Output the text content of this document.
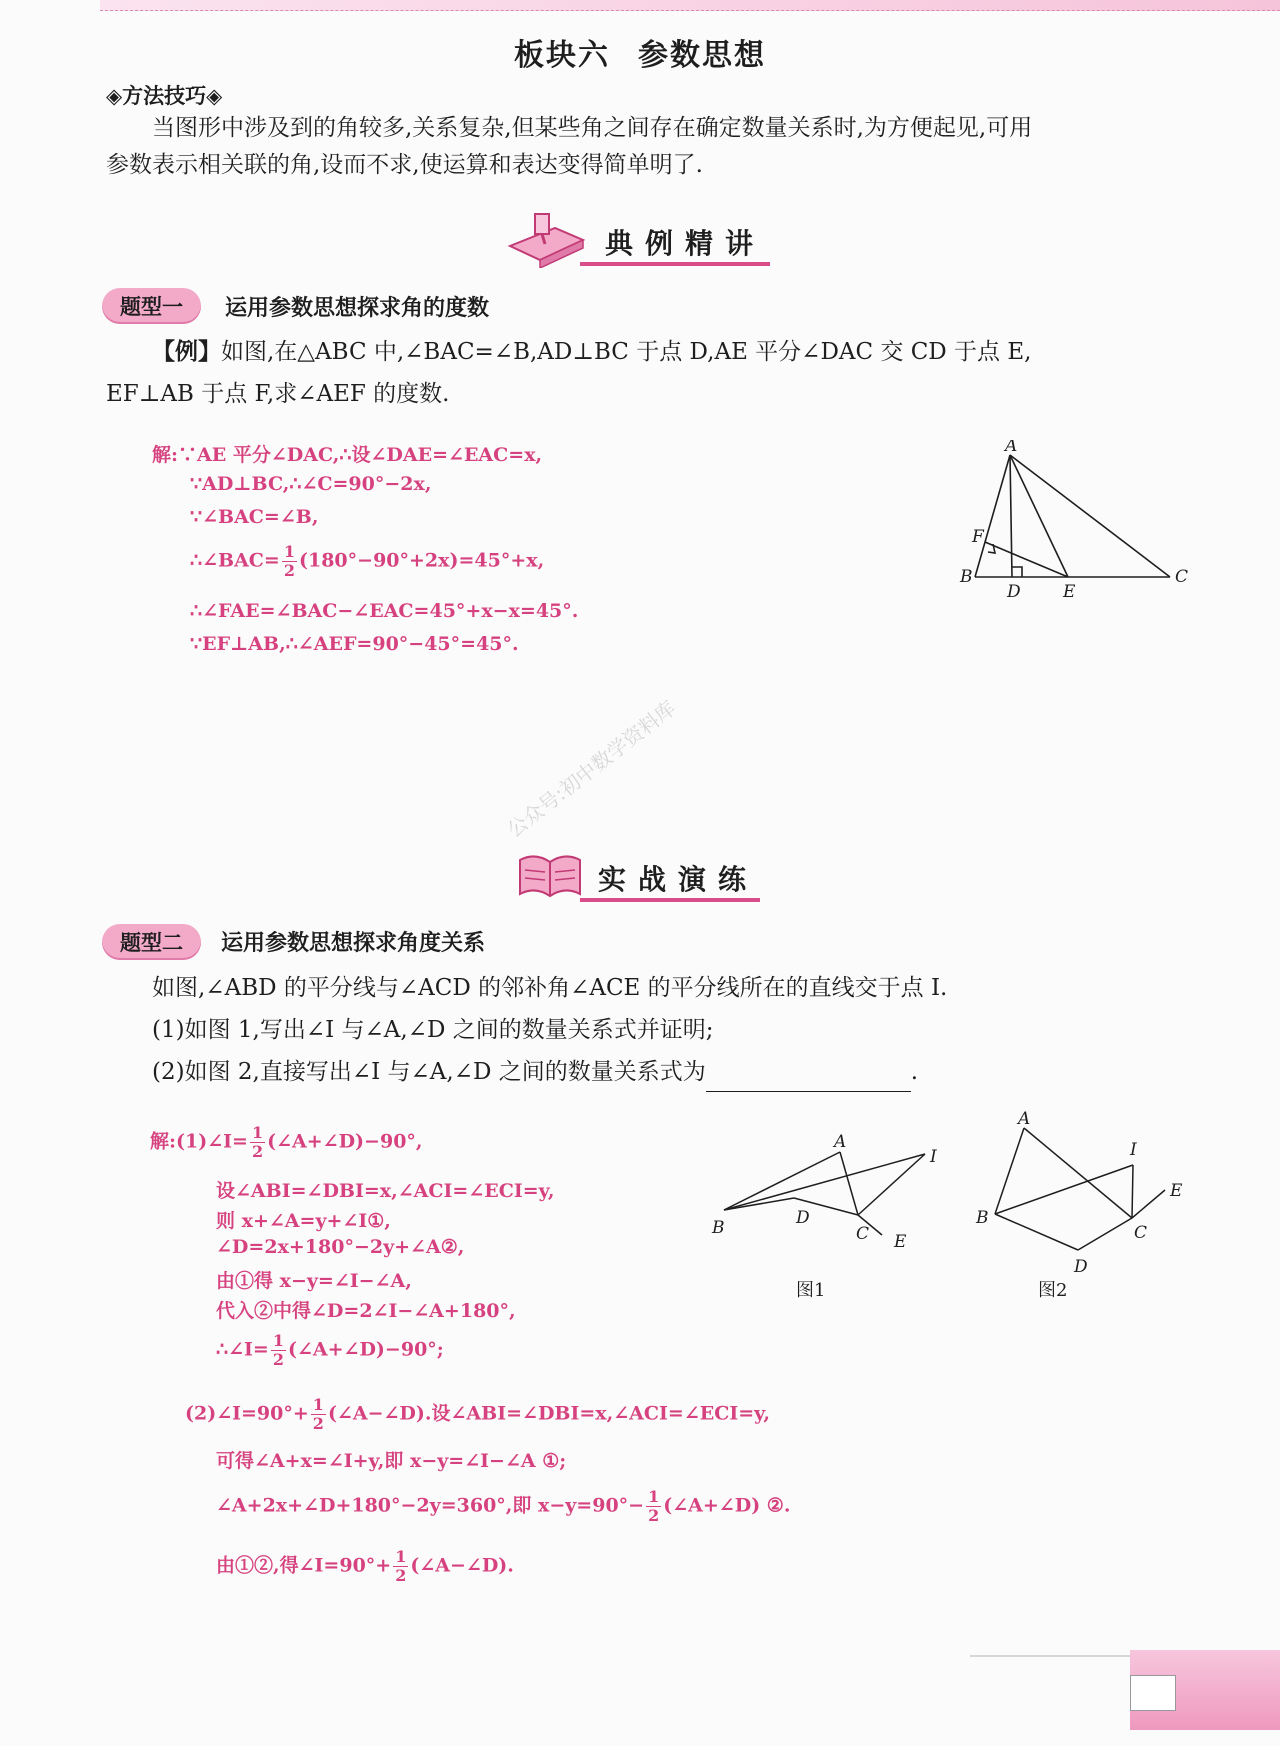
板块六 参数思想
◈方法技巧◈
当图形中涉及到的角较多,关系复杂,但某些角之间存在确定数量关系时,为方便起见,可用
参数表示相关联的角,设而不求,使运算和表达变得简单明了.
典例精讲
题型一	运用参数思想探求角的度数
【例】如图,在△ABC 中,∠BAC=∠B,AD⊥BC 于点 D,AE 平分∠DAC 交 CD 于点 E,
EF⊥AB 于点 F,求∠AEF 的度数.
解:∵AE 平分∠DAC,∴设∠DAE=∠EAC=x,
∵AD⊥BC,∴∠C=90°−2x,
∵∠BAC=∠B,
∴∠BAC= $\frac{1}{2} (180^\circ-90^\circ+2x)=45^\circ+x$,
∴∠FAE=∠BAC−∠EAC=45°+x−x=45°.
∵EF⊥AB,∴∠AEF=90°−45°=45°.
A
B	C
D E
F
实战演练
公众号:初中数学资料库
题型二	运用参数思想探求角度关系
如图,∠ABD 的平分线与∠ACD 的邻补角∠ACE 的平分线所在的直线交于点 I.
(1)如图 1,写出∠I 与∠A,∠D 之间的数量关系式并证明;
(2)如图 2,直接写出∠I 与∠A,∠D 之间的数量关系式为	.
解:(1)∠I= $\frac{1}{2}$ (∠A+∠D)−90°,
设∠ABI=∠DBI=x,∠ACI=∠ECI=y,
则 x+∠A=y+∠I①,
∠D=2x+180°−2y+∠A②,
由①得 x−y=∠I−∠A,
代入②中得∠D=2∠I−∠A+180°,
∴∠I= $\frac{1}{2}$ (∠A+∠D)−90°;
(2)∠I=90°+ $\frac{1}{2}$ (∠A−∠D).设∠ABI=∠DBI=x,∠ACI=∠ECI=y,
可得∠A+x=∠I+y,即 x−y=∠I−∠A ①;
∠A+2x+∠D+180°−2y=360°,即 $x-y=90^\circ- \frac{1}{2}$ (∠A+∠D) ②.
由①②,得∠I=90°+ $\frac{1}{2}$ (∠A−∠D).
A
B	D
C E
I
图1
A
B
C
D
E
I
图2
